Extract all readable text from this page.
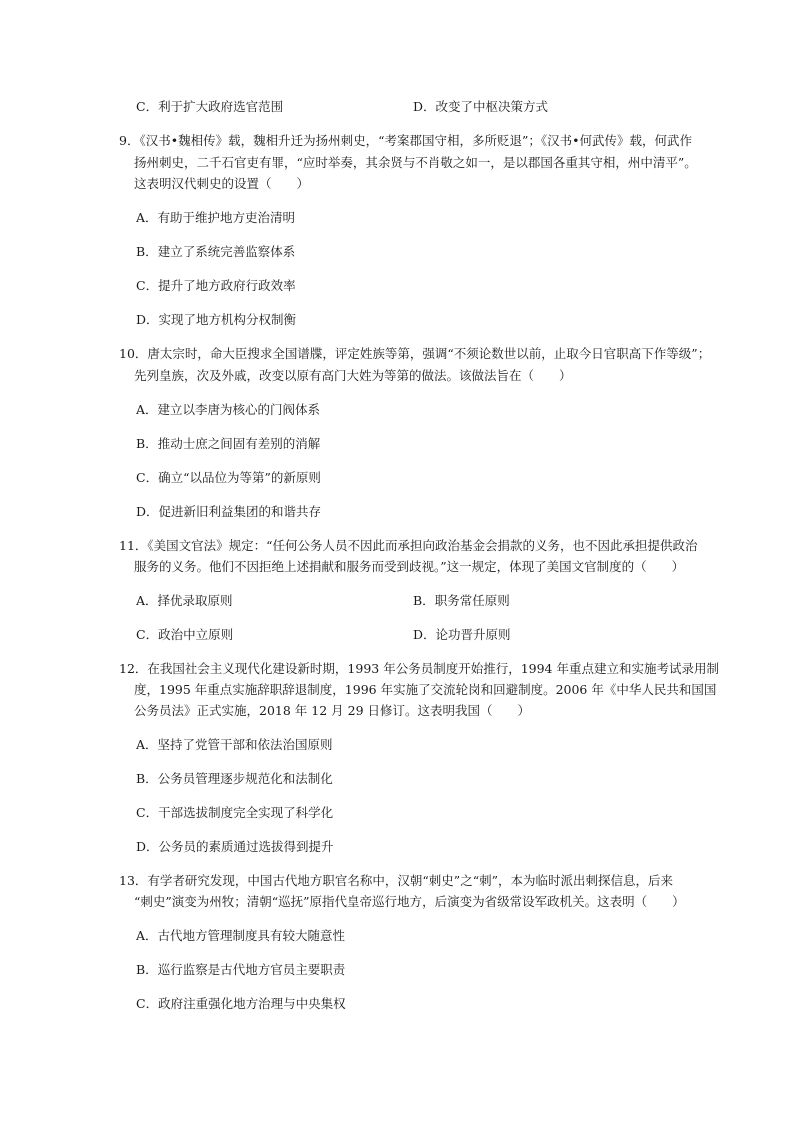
C．利于扩大政府选官范围	D．改变了中枢决策方式
9．《汉书•魏相传》载，魏相升迁为扬州刺史，“考案郡国守相，多所贬退”；《汉书•何武传》载，何武作
扬州刺史，二千石官吏有罪，“应时举奏，其余贤与不肖敬之如一，是以郡国各重其守相，州中清平”。
这表明汉代刺史的设置（　　）
A．有助于维护地方吏治清明
B．建立了系统完善监察体系
C．提升了地方政府行政效率
D．实现了地方机构分权制衡
10．唐太宗时，命大臣搜求全国谱牒，评定姓族等第，强调“不须论数世以前，止取今日官职高下作等级”；
先列皇族，次及外戚，改变以原有高门大姓为等第的做法。该做法旨在（　　）
A．建立以李唐为核心的门阀体系
B．推动士庶之间固有差别的消解
C．确立“以品位为等第”的新原则
D．促进新旧利益集团的和谐共存
11．《美国文官法》规定：“任何公务人员不因此而承担向政治基金会捐款的义务，也不因此承担提供政治
服务的义务。他们不因拒绝上述捐献和服务而受到歧视。”这一规定，体现了美国文官制度的（　　）
A．择优录取原则	B．职务常任原则
C．政治中立原则	D．论功晋升原则
12．在我国社会主义现代化建设新时期，1993 年公务员制度开始推行，1994 年重点建立和实施考试录用制
度，1995 年重点实施辞职辞退制度，1996 年实施了交流轮岗和回避制度。2006 年《中华人民共和国国
公务员法》正式实施，2018 年 12 月 29 日修订。这表明我国（　　）
A．坚持了党管干部和依法治国原则
B．公务员管理逐步规范化和法制化
C．干部选拔制度完全实现了科学化
D．公务员的素质通过选拔得到提升
13．有学者研究发现，中国古代地方职官名称中，汉朝“刺史”之“刺”，本为临时派出刺探信息，后来
“刺史”演变为州牧；清朝“巡抚”原指代皇帝巡行地方，后演变为省级常设军政机关。这表明（　　）
A．古代地方管理制度具有较大随意性
B．巡行监察是古代地方官员主要职责
C．政府注重强化地方治理与中央集权
